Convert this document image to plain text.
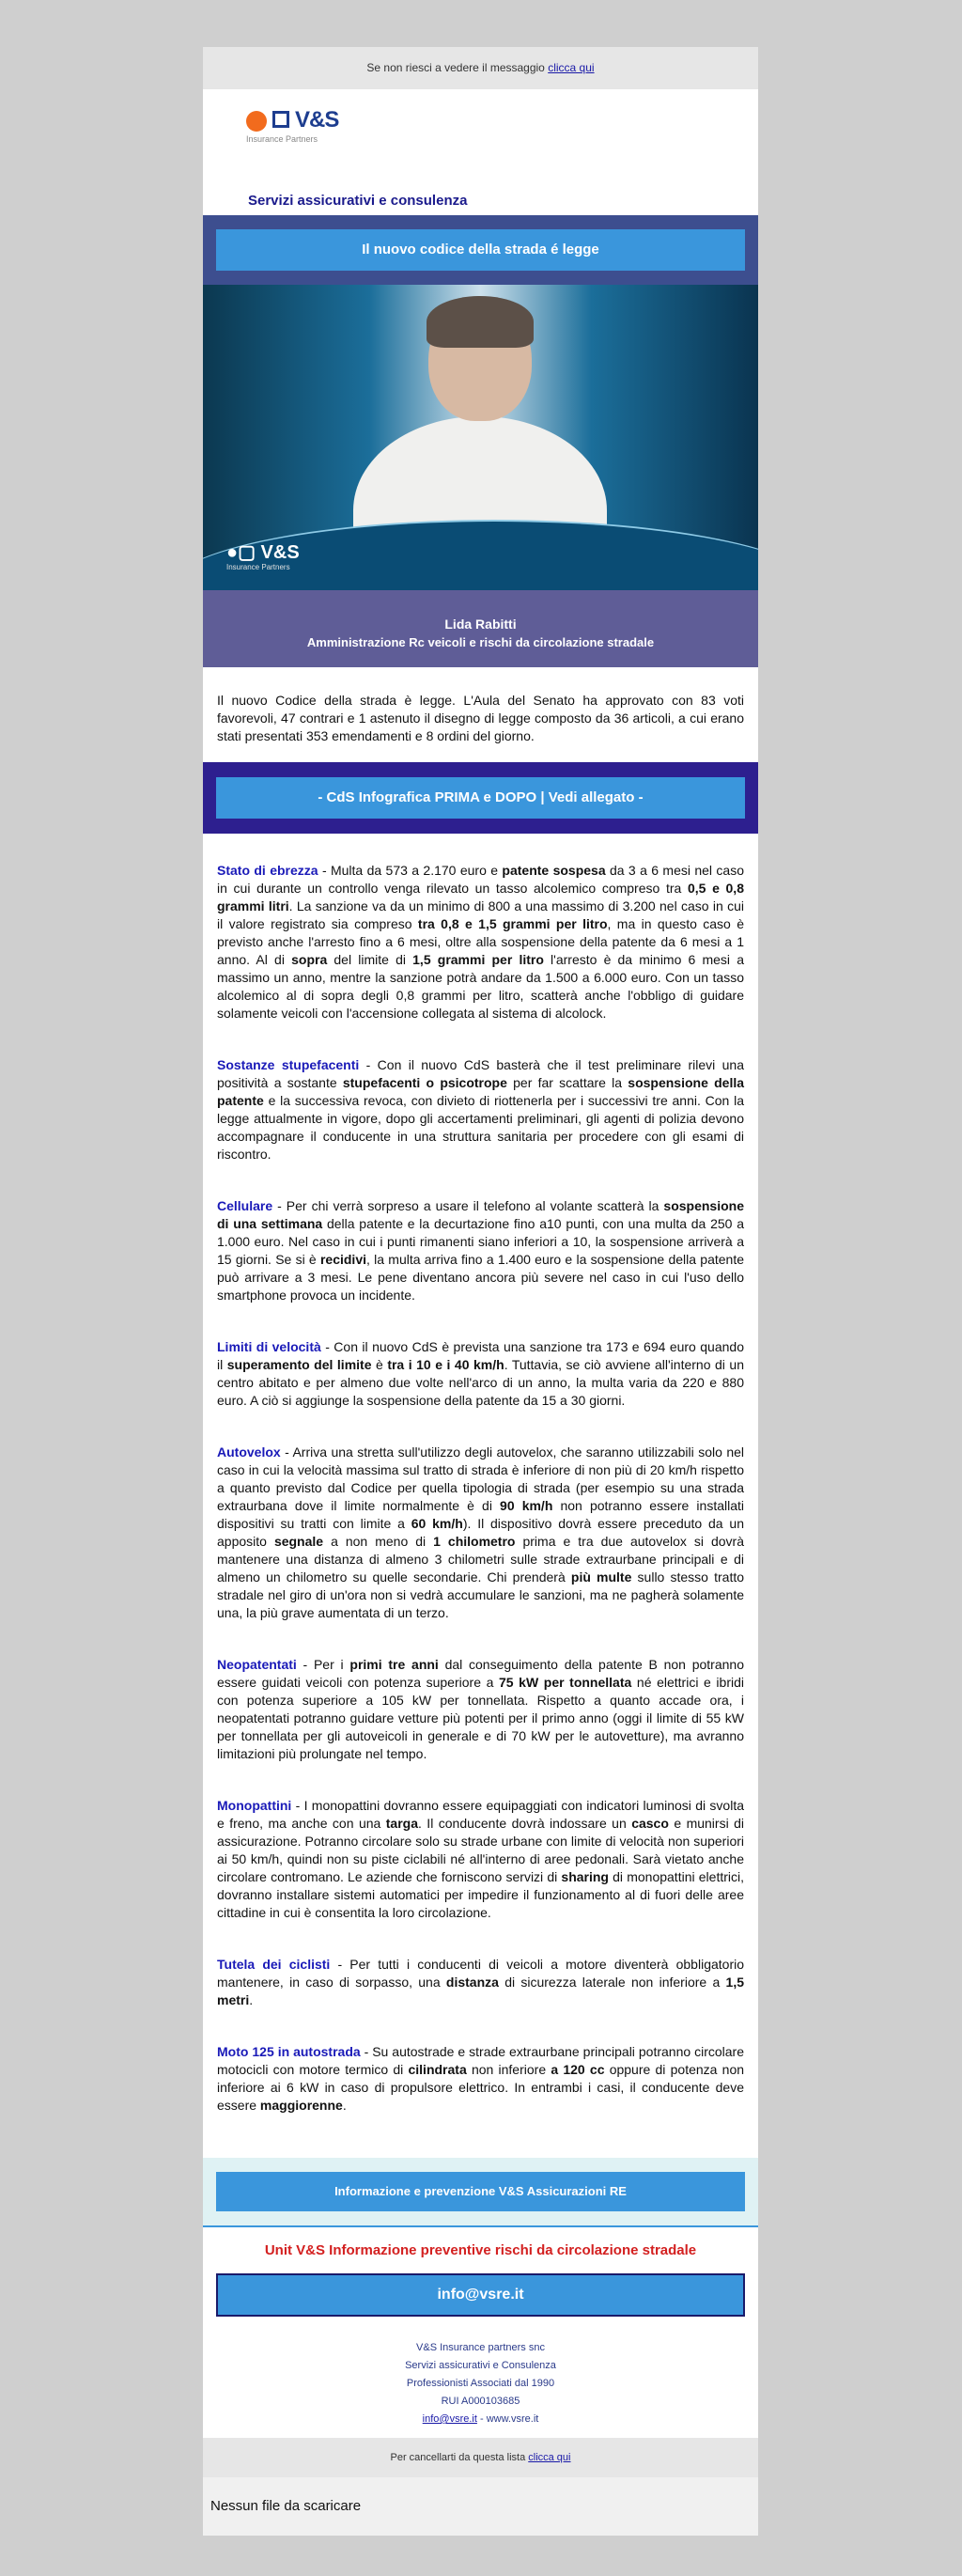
Se non riesci a vedere il messaggio clicca qui
V&S
Insurance Partners
Servizi assicurativi e consulenza
Il nuovo codice della strada é legge
●▢ V&S
Insurance Partners
Lida Rabitti
Amministrazione Rc veicoli e rischi da circolazione stradale
Il nuovo Codice della strada è legge. L'Aula del Senato ha approvato con 83 voti favorevoli, 47 contrari e 1 astenuto il disegno di legge composto da 36 articoli, a cui erano stati presentati 353 emendamenti e 8 ordini del giorno.
- CdS Infografica PRIMA e DOPO | Vedi allegato -
Stato di ebrezza - Multa da 573 a 2.170 euro e patente sospesa da 3 a 6 mesi nel caso in cui durante un controllo venga rilevato un tasso alcolemico compreso tra 0,5 e 0,8 grammi litri. La sanzione va da un minimo di 800 a una massimo di 3.200 nel caso in cui il valore registrato sia compreso tra 0,8 e 1,5 grammi per litro, ma in questo caso è previsto anche l'arresto fino a 6 mesi, oltre alla sospensione della patente da 6 mesi a 1 anno. Al di sopra del limite di 1,5 grammi per litro l'arresto è da minimo 6 mesi a massimo un anno, mentre la sanzione potrà andare da 1.500 a 6.000 euro. Con un tasso alcolemico al di sopra degli 0,8 grammi per litro, scatterà anche l'obbligo di guidare solamente veicoli con l'accensione collegata al sistema di alcolock.
Sostanze stupefacenti - Con il nuovo CdS basterà che il test preliminare rilevi una positività a sostante stupefacenti o psicotrope per far scattare la sospensione della patente e la successiva revoca, con divieto di riottenerla per i successivi tre anni. Con la legge attualmente in vigore, dopo gli accertamenti preliminari, gli agenti di polizia devono accompagnare il conducente in una struttura sanitaria per procedere con gli esami di riscontro.
Cellulare - Per chi verrà sorpreso a usare il telefono al volante scatterà la sospensione di una settimana della patente e la decurtazione fino a10 punti, con una multa da 250 a 1.000 euro. Nel caso in cui i punti rimanenti siano inferiori a 10, la sospensione arriverà a 15 giorni. Se si è recidivi, la multa arriva fino a 1.400 euro e la sospensione della patente può arrivare a 3 mesi. Le pene diventano ancora più severe nel caso in cui l'uso dello smartphone provoca un incidente.
Limiti di velocità - Con il nuovo CdS è prevista una sanzione tra 173 e 694 euro quando il superamento del limite è tra i 10 e i 40 km/h. Tuttavia, se ciò avviene all'interno di un centro abitato e per almeno due volte nell'arco di un anno, la multa varia da 220 e 880 euro. A ciò si aggiunge la sospensione della patente da 15 a 30 giorni.
Autovelox - Arriva una stretta sull'utilizzo degli autovelox, che saranno utilizzabili solo nel caso in cui la velocità massima sul tratto di strada è inferiore di non più di 20 km/h rispetto a quanto previsto dal Codice per quella tipologia di strada (per esempio su una strada extraurbana dove il limite normalmente è di 90 km/h non potranno essere installati dispositivi su tratti con limite a 60 km/h). Il dispositivo dovrà essere preceduto da un apposito segnale a non meno di 1 chilometro prima e tra due autovelox si dovrà mantenere una distanza di almeno 3 chilometri sulle strade extraurbane principali e di almeno un chilometro su quelle secondarie. Chi prenderà più multe sullo stesso tratto stradale nel giro di un'ora non si vedrà accumulare le sanzioni, ma ne pagherà solamente una, la più grave aumentata di un terzo.
Neopatentati - Per i primi tre anni dal conseguimento della patente B non potranno essere guidati veicoli con potenza superiore a 75 kW per tonnellata né elettrici e ibridi con potenza superiore a 105 kW per tonnellata. Rispetto a quanto accade ora, i neopatentati potranno guidare vetture più potenti per il primo anno (oggi il limite di 55 kW per tonnellata per gli autoveicoli in generale e di 70 kW per le autovetture), ma avranno limitazioni più prolungate nel tempo.
Monopattini - I monopattini dovranno essere equipaggiati con indicatori luminosi di svolta e freno, ma anche con una targa. Il conducente dovrà indossare un casco e munirsi di assicurazione. Potranno circolare solo su strade urbane con limite di velocità non superiori ai 50 km/h, quindi non su piste ciclabili né all'interno di aree pedonali. Sarà vietato anche circolare contromano. Le aziende che forniscono servizi di sharing di monopattini elettrici, dovranno installare sistemi automatici per impedire il funzionamento al di fuori delle aree cittadine in cui è consentita la loro circolazione.
Tutela dei ciclisti - Per tutti i conducenti di veicoli a motore diventerà obbligatorio mantenere, in caso di sorpasso, una distanza di sicurezza laterale non inferiore a 1,5 metri.
Moto 125 in autostrada - Su autostrade e strade extraurbane principali potranno circolare motocicli con motore termico di cilindrata non inferiore a 120 cc oppure di potenza non inferiore ai 6 kW in caso di propulsore elettrico. In entrambi i casi, il conducente deve essere maggiorenne.
Informazione e prevenzione V&S Assicurazioni RE
Unit V&S Informazione preventive rischi da circolazione stradale
info@vsre.it
V&S Insurance partners snc
Servizi assicurativi e Consulenza
Professionisti Associati dal 1990
RUI A000103685
info@vsre.it - www.vsre.it
Per cancellarti da questa lista clicca qui
Nessun file da scaricare
